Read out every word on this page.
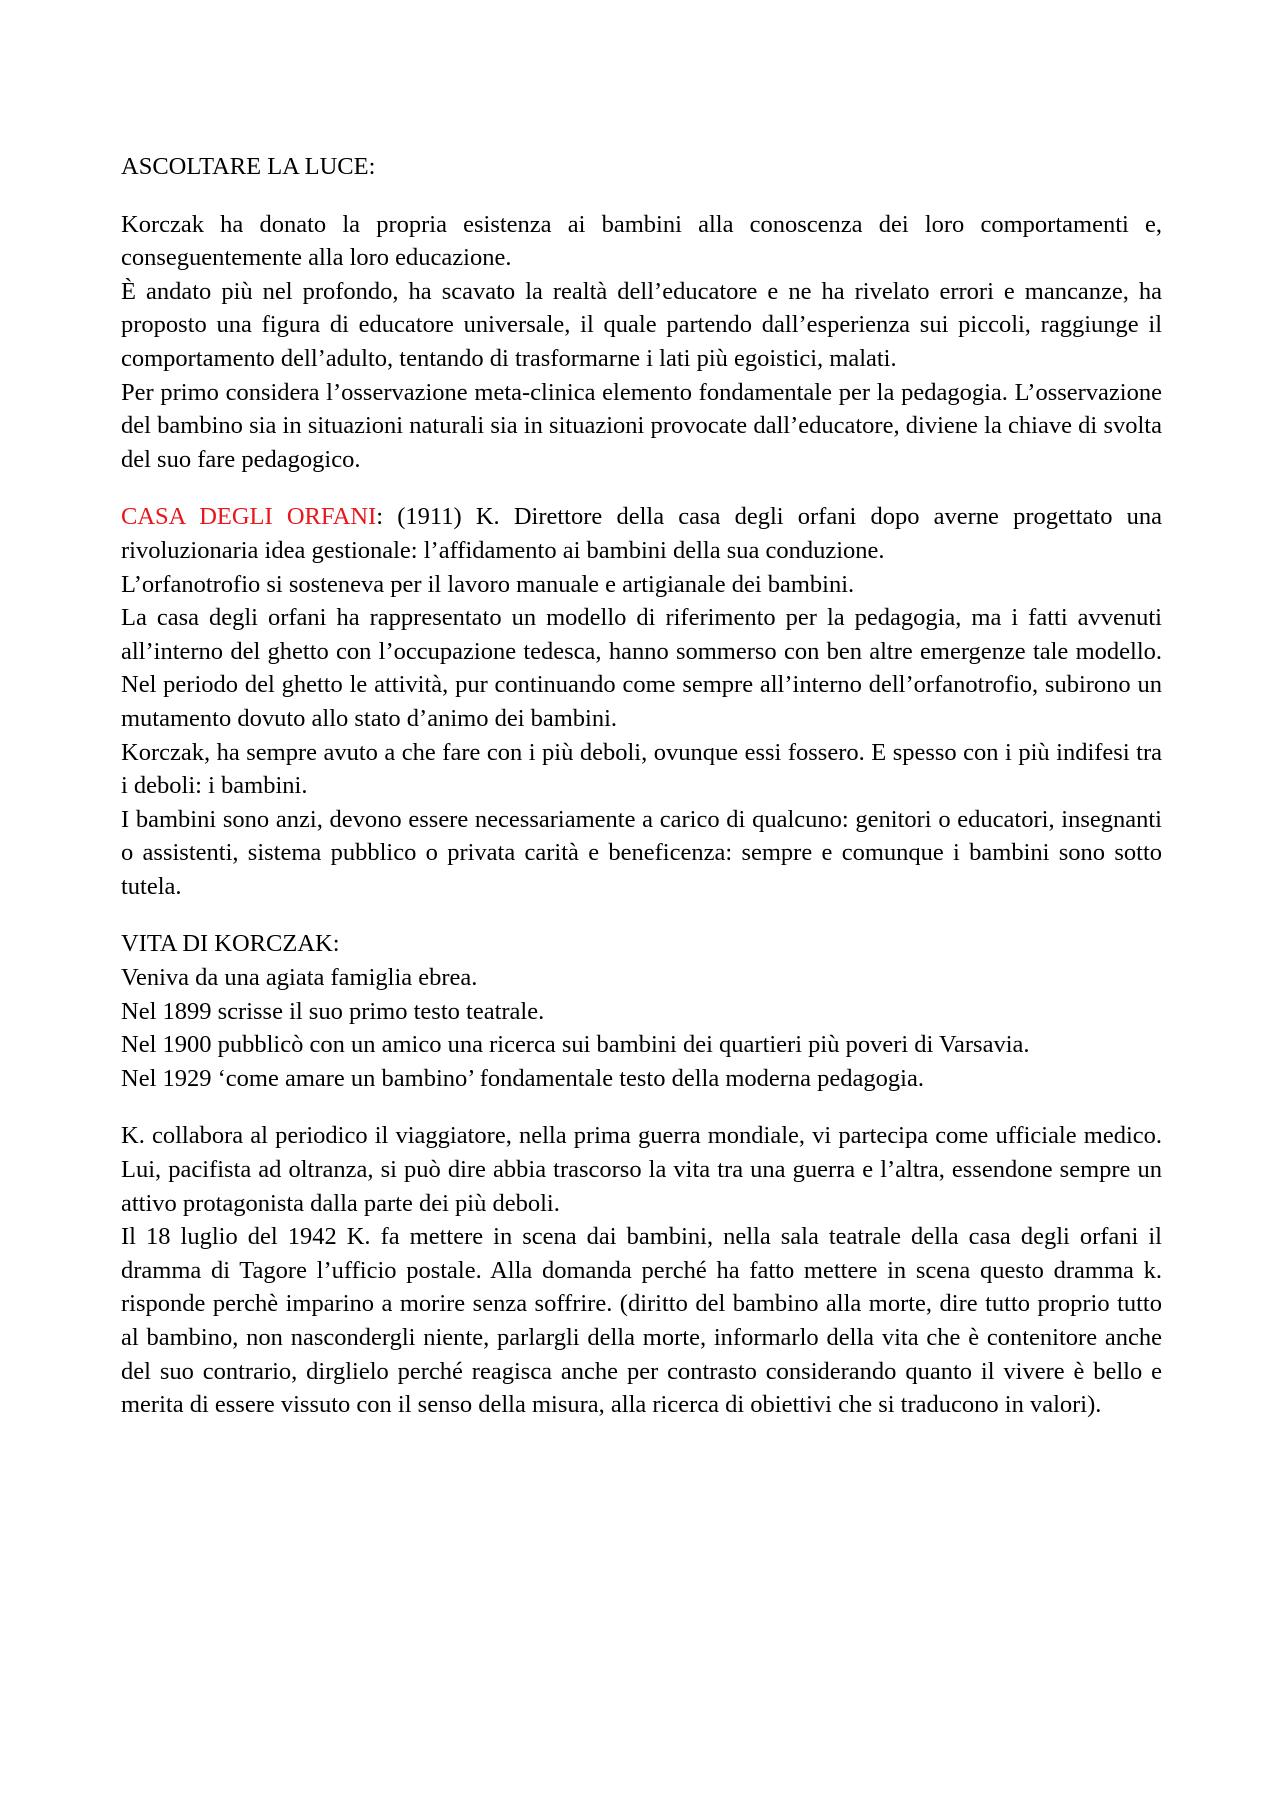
ASCOLTARE LA LUCE:

Korczak ha donato la propria esistenza ai bambini alla conoscenza dei loro comportamenti e, conseguentemente alla loro educazione.

È andato più nel profondo, ha scavato la realtà dell’educatore e ne ha rivelato errori e mancanze, ha proposto una figura di educatore universale, il quale partendo dall’esperienza sui piccoli, raggiunge il comportamento dell’adulto, tentando di trasformarne i lati più egoistici, malati.

Per primo considera l’osservazione meta-clinica elemento fondamentale per la pedagogia. L’osservazione del bambino sia in situazioni naturali sia in situazioni provocate dall’educatore, diviene la chiave di svolta del suo fare pedagogico.

CASA DEGLI ORFANI: (1911) K. Direttore della casa degli orfani dopo averne progettato una rivoluzionaria idea gestionale: l’affidamento ai bambini della sua conduzione.

L’orfanotrofio si sosteneva per il lavoro manuale e artigianale dei bambini.

La casa degli orfani ha rappresentato un modello di riferimento per la pedagogia, ma i fatti avvenuti all’interno del ghetto con l’occupazione tedesca, hanno sommerso con ben altre emergenze tale modello. Nel periodo del ghetto le attività, pur continuando come sempre all’interno dell’orfanotrofio, subirono un mutamento dovuto allo stato d’animo dei bambini.

Korczak, ha sempre avuto a che fare con i più deboli, ovunque essi fossero. E spesso con i più indifesi tra i deboli: i bambini.

I bambini sono anzi, devono essere necessariamente a carico di qualcuno: genitori o educatori, insegnanti o assistenti, sistema pubblico o privata carità e beneficenza: sempre e comunque i bambini sono sotto tutela.

VITA DI KORCZAK:

Veniva da una agiata famiglia ebrea.

Nel 1899 scrisse il suo primo testo teatrale.

Nel 1900 pubblicò con un amico una ricerca sui bambini dei quartieri più poveri di Varsavia.

Nel 1929 ‘come amare un bambino’ fondamentale testo della moderna pedagogia.

K. collabora al periodico il viaggiatore, nella prima guerra mondiale, vi partecipa come ufficiale medico. Lui, pacifista ad oltranza, si può dire abbia trascorso la vita tra una guerra e l’altra, essendone sempre un attivo protagonista dalla parte dei più deboli.

Il 18 luglio del 1942 K. fa mettere in scena dai bambini, nella sala teatrale della casa degli orfani il dramma di Tagore l’ufficio postale. Alla domanda perché ha fatto mettere in scena questo dramma k. risponde perchè imparino a morire senza soffrire. (diritto del bambino alla morte, dire tutto proprio tutto al bambino, non nascondergli niente, parlargli della morte, informarlo della vita che è contenitore anche del suo contrario, dirglielo perché reagisca anche per contrasto considerando quanto il vivere è bello e merita di essere vissuto con il senso della misura, alla ricerca di obiettivi che si traducono in valori).
